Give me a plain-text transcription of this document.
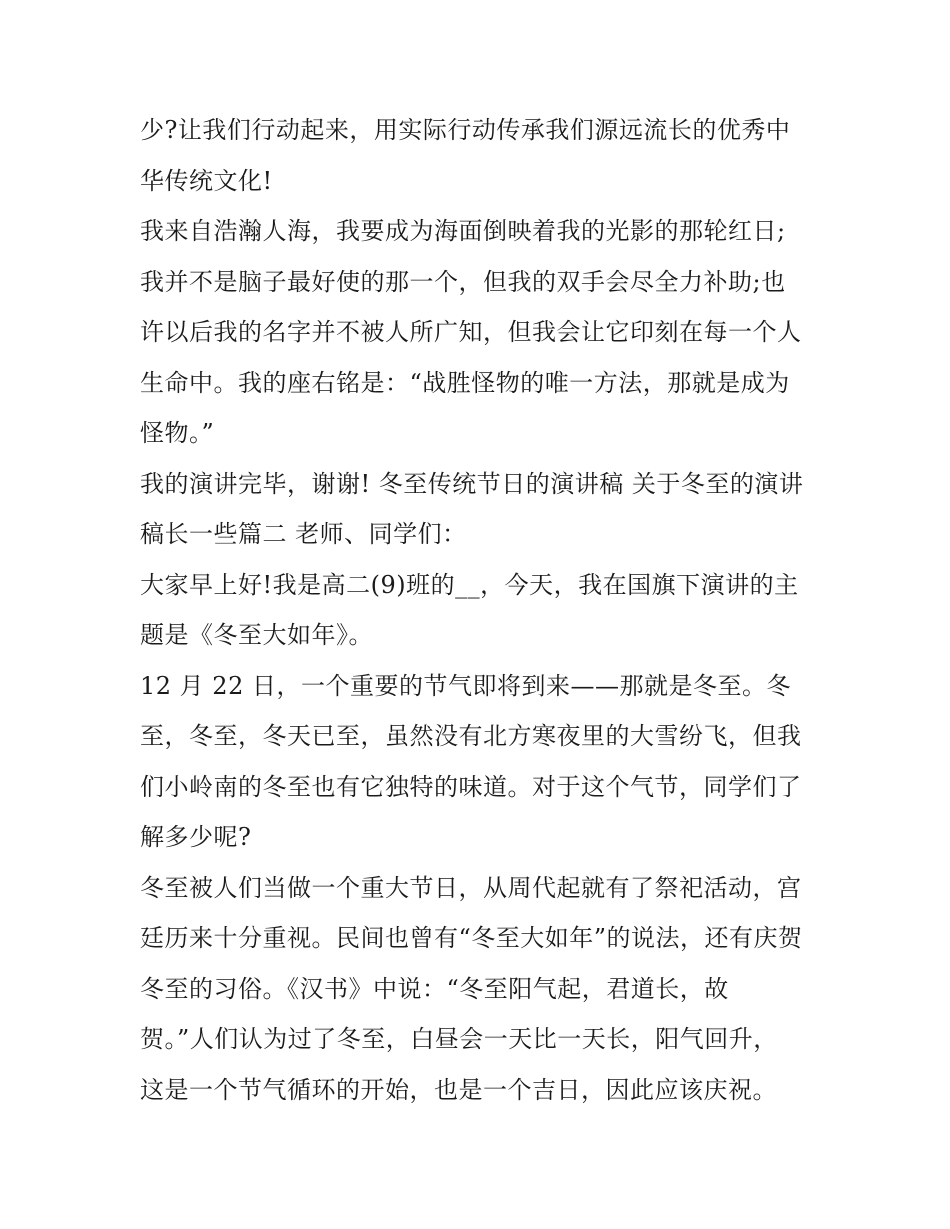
少?让我们行动起来，用实际行动传承我们源远流长的优秀中

华传统文化!

我来自浩瀚人海，我要成为海面倒映着我的光影的那轮红日;

我并不是脑子最好使的那一个，但我的双手会尽全力补助;也

许以后我的名字并不被人所广知，但我会让它印刻在每一个人

生命中。我的座右铭是：“战胜怪物的唯一方法，那就是成为

怪物。”

我的演讲完毕，谢谢! 冬至传统节日的演讲稿 关于冬至的演讲

稿长一些篇二 老师、同学们：

大家早上好!我是高二(9)班的__，今天，我在国旗下演讲的主

题是《冬至大如年》。

12 月 22 日，一个重要的节气即将到来——那就是冬至。冬

至，冬至，冬天已至，虽然没有北方寒夜里的大雪纷飞，但我

们小岭南的冬至也有它独特的味道。对于这个气节，同学们了

解多少呢?

冬至被人们当做一个重大节日，从周代起就有了祭祀活动，宫

廷历来十分重视。民间也曾有“冬至大如年”的说法，还有庆贺

冬至的习俗。《汉书》中说：“冬至阳气起，君道长，故

贺。”人们认为过了冬至，白昼会一天比一天长，阳气回升，

这是一个节气循环的开始，也是一个吉日，因此应该庆祝。
